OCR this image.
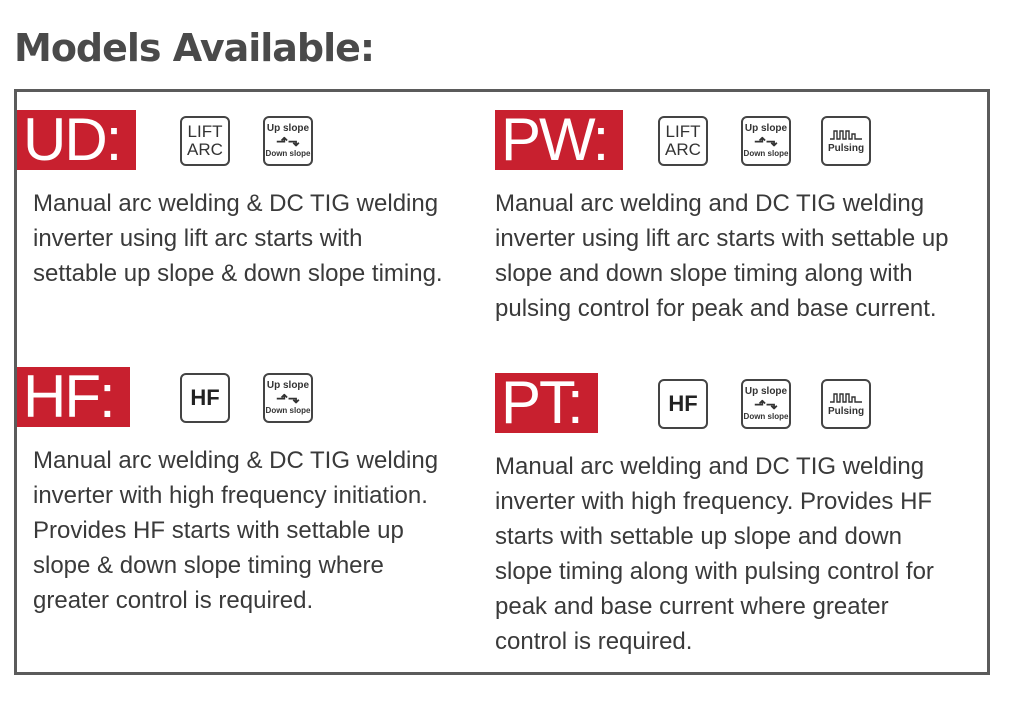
Models Available:
UD:	LIFT
ARC
Up slope
⬏⬎
Down slope
Manual arc welding & DC TIG welding inverter using lift arc starts with settable up slope & down slope timing.
PW:	LIFT
ARC
Up slope
⬏⬎
Down slope	Pulsing
Manual arc welding and DC TIG welding inverter using lift arc starts with settable up slope and down slope timing along with pulsing control for peak and base current.
HF:	HF	Up slope
⬏⬎
Down slope
Manual arc welding & DC TIG welding inverter with high frequency initiation. Provides HF starts with settable up slope & down slope timing where greater control is required.
PT:	HF	Up slope
⬏⬎
Down slope	Pulsing
Manual arc welding and DC TIG welding inverter with high frequency. Provides HF starts with settable up slope and down slope timing along with pulsing control for peak and base current where greater control is required.
